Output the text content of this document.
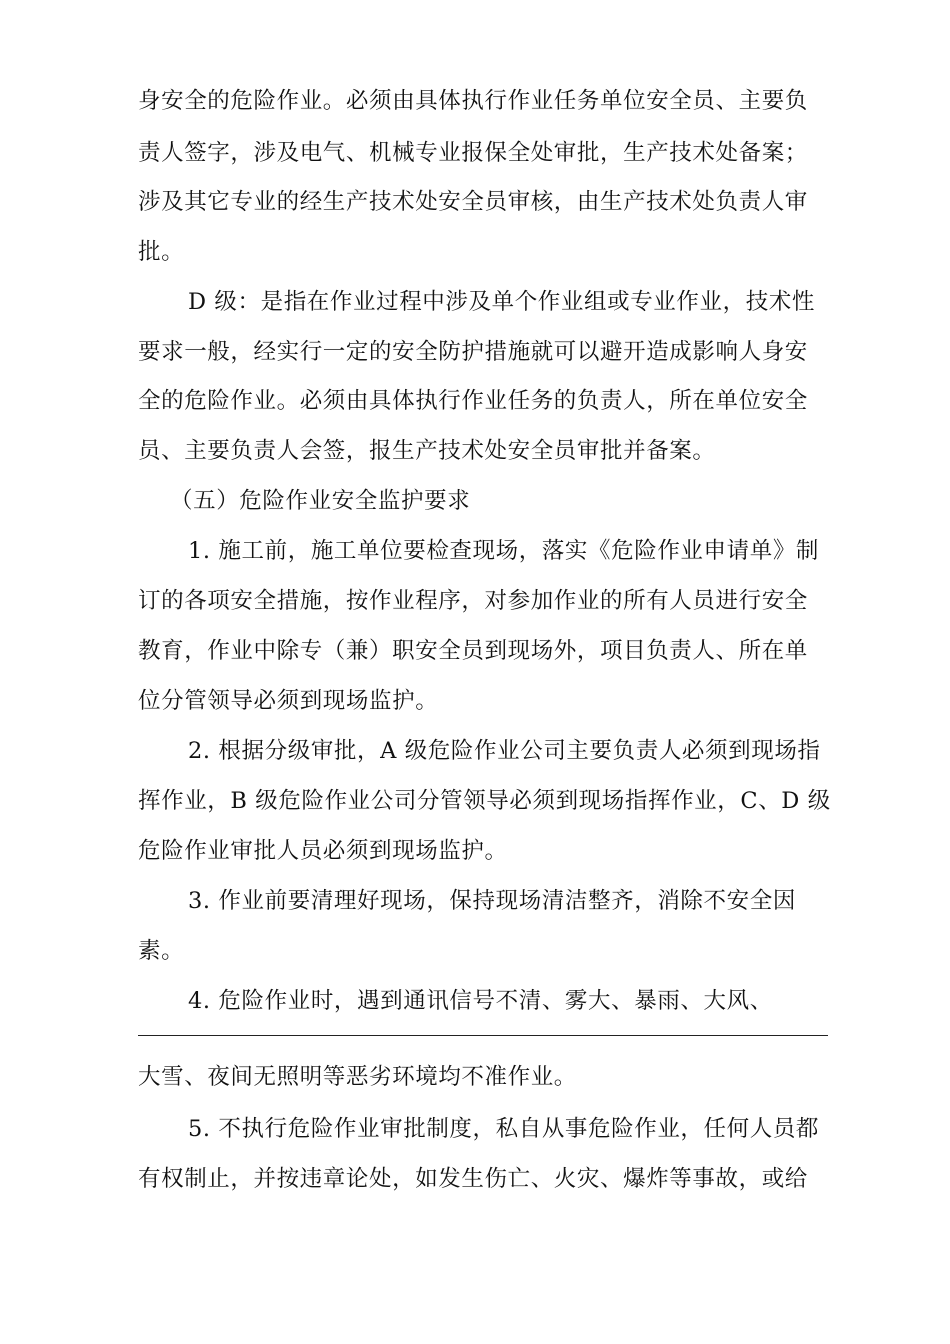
身安全的危险作业。必须由具体执行作业任务单位安全员、主要负
责人签字，涉及电气、机械专业报保全处审批，生产技术处备案；
涉及其它专业的经生产技术处安全员审核，由生产技术处负责人审
批。
D 级：是指在作业过程中涉及单个作业组或专业作业，技术性
要求一般，经实行一定的安全防护措施就可以避开造成影响人身安
全的危险作业。必须由具体执行作业任务的负责人，所在单位安全
员、主要负责人会签，报生产技术处安全员审批并备案。
（五）危险作业安全监护要求
1. 施工前，施工单位要检查现场，落实《危险作业申请单》制
订的各项安全措施，按作业程序，对参加作业的所有人员进行安全
教育，作业中除专（兼）职安全员到现场外，项目负责人、所在单
位分管领导必须到现场监护。
2. 根据分级审批，A 级危险作业公司主要负责人必须到现场指
挥作业，B 级危险作业公司分管领导必须到现场指挥作业，C、D 级
危险作业审批人员必须到现场监护。
3. 作业前要清理好现场，保持现场清洁整齐，消除不安全因
素。
4. 危险作业时，遇到通讯信号不清、雾大、暴雨、大风、
大雪、夜间无照明等恶劣环境均不准作业。
5. 不执行危险作业审批制度，私自从事危险作业，任何人员都
有权制止，并按违章论处，如发生伤亡、火灾、爆炸等事故，或给
